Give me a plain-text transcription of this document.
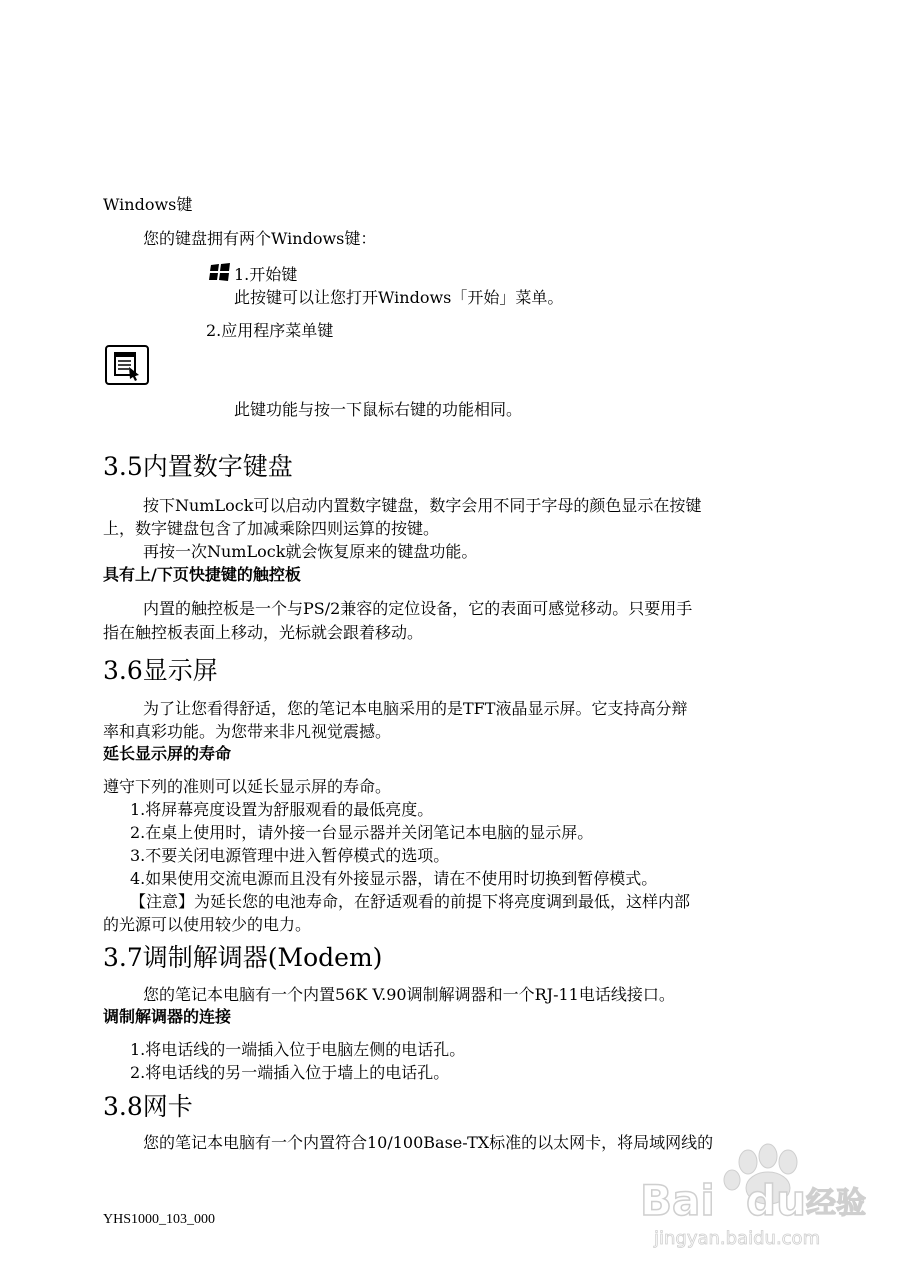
Windows键
您的键盘拥有两个Windows键：
1.开始键
此按键可以让您打开Windows「开始」菜单。
2.应用程序菜单键
此键功能与按一下鼠标右键的功能相同。
3.5内置数字键盘
按下NumLock可以启动内置数字键盘，数字会用不同于字母的颜色显示在按键
上，数字键盘包含了加减乘除四则运算的按键。
再按一次NumLock就会恢复原来的键盘功能。
具有上/下页快捷键的触控板
内置的触控板是一个与PS/2兼容的定位设备，它的表面可感觉移动。只要用手
指在触控板表面上移动，光标就会跟着移动。
3.6显示屏
为了让您看得舒适，您的笔记本电脑采用的是TFT液晶显示屏。它支持高分辩
率和真彩功能。为您带来非凡视觉震撼。
延长显示屏的寿命
遵守下列的准则可以延长显示屏的寿命。
1.将屏幕亮度设置为舒服观看的最低亮度。
2.在桌上使用时，请外接一台显示器并关闭笔记本电脑的显示屏。
3.不要关闭电源管理中进入暂停模式的选项。
4.如果使用交流电源而且没有外接显示器，请在不使用时切换到暂停模式。
【注意】为延长您的电池寿命，在舒适观看的前提下将亮度调到最低，这样内部
的光源可以使用较少的电力。
3.7调制解调器(Modem)
您的笔记本电脑有一个内置56K V.90调制解调器和一个RJ-11电话线接口。
调制解调器的连接
1.将电话线的一端插入位于电脑左侧的电话孔。
2.将电话线的另一端插入位于墙上的电话孔。
3.8网卡
您的笔记本电脑有一个内置符合10/100Base-TX标准的以太网卡，将局域网线的
YHS1000_103_000	Bai du 经验
jingyan.baidu.com
